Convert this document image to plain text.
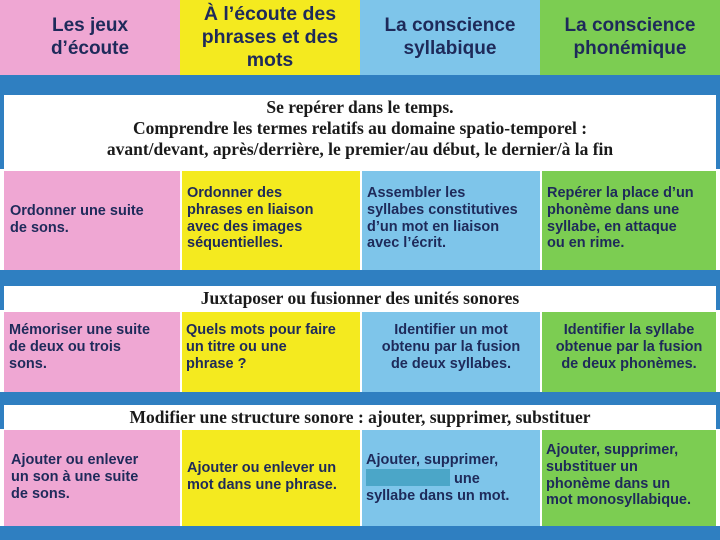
Les jeux
d’écoute
À l’écoute des
phrases et des
mots
La conscience
syllabique
La conscience
phonémique
Se repérer dans le temps.
Comprendre les termes relatifs au domaine spatio-temporel :
avant/devant, après/derrière, le premier/au début, le dernier/à la fin
Ordonner une suite
de sons.
Ordonner des
phrases en liaison
avec des images
séquentielles.
Assembler les
syllabes constitutives
d’un mot en liaison
avec l’écrit.
Repérer la place d’un
phonème dans une
syllabe, en attaque
ou en rime.
Juxtaposer ou fusionner des unités sonores
Mémoriser une suite
de deux ou trois
sons.
Quels mots pour faire
un titre ou une
phrase ?
Identifier un mot
obtenu par la fusion
de deux syllabes.
Identifier la syllabe
obtenue par la fusion
de deux phonèmes.
Modifier une structure sonore : ajouter, supprimer, substituer
Ajouter ou enlever
un son à une suite
de sons.
Ajouter ou enlever un
mot dans une phrase.
Ajouter, supprimer,
une
syllabe dans un mot.
Ajouter, supprimer,
substituer un
phonème dans un
mot monosyllabique.
